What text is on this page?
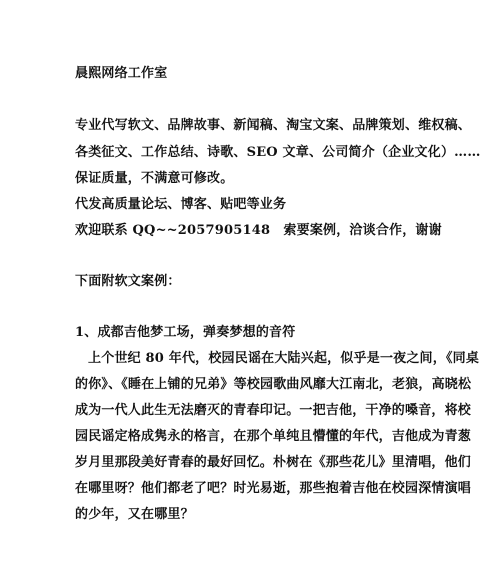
晨熙网络工作室
专业代写软文、品牌故事、新闻稿、淘宝文案、品牌策划、维权稿、
各类征文、工作总结、诗歌、SEO 文章、公司简介（企业文化）……
保证质量，不满意可修改。
代发高质量论坛、博客、贴吧等业务
欢迎联系 QQ~~2057905148　索要案例，洽谈合作，谢谢
下面附软文案例：
1、成都吉他梦工场，弹奏梦想的音符
上个世纪 80 年代，校园民谣在大陆兴起，似乎是一夜之间，《同桌
的你》、《睡在上铺的兄弟》等校园歌曲风靡大江南北，老狼，高晓松
成为一代人此生无法磨灭的青春印记。一把吉他，干净的嗓音，将校
园民谣定格成隽永的格言，在那个单纯且懵懂的年代，吉他成为青葱
岁月里那段美好青春的最好回忆。朴树在《那些花儿》里清唱，他们
在哪里呀？他们都老了吧？时光易逝，那些抱着吉他在校园深情演唱
的少年，又在哪里？
